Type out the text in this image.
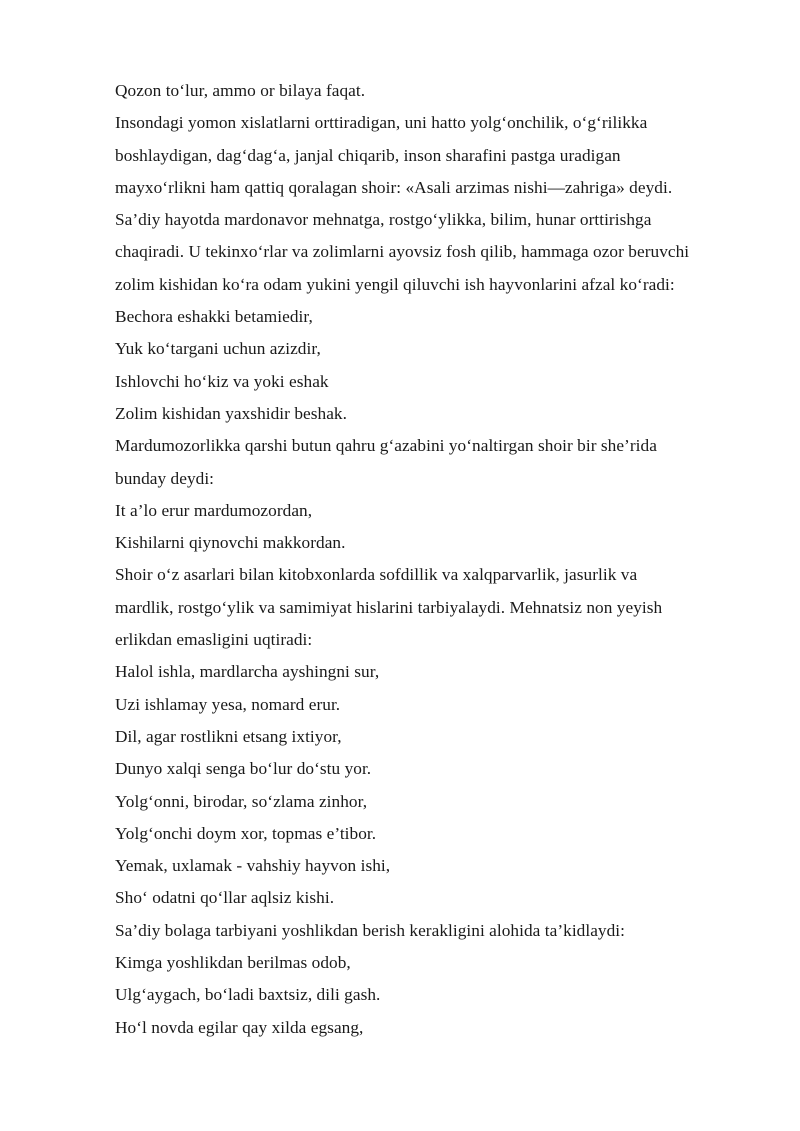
Qozon to‘lur, ammo or bilaya faqat.
Insondagi yomon xislatlarni orttiradigan, uni hatto yolg‘onchilik, o‘g‘rilikka
boshlaydigan, dag‘dag‘a, janjal chiqarib, inson sharafini pastga uradigan
mayxo‘rlikni ham qattiq qoralagan shoir: «Asali arzimas nishi—zahriga» deydi.
Sa’diy hayotda mardonavor mehnatga, rostgo‘ylikka, bilim, hunar orttirishga
chaqiradi. U tekinxo‘rlar va zolimlarni ayovsiz fosh qilib, hammaga ozor beruvchi
zolim kishidan ko‘ra odam yukini yengil qiluvchi ish hayvonlarini afzal ko‘radi:
Bechora eshakki betamiedir,
Yuk ko‘targani uchun azizdir,
Ishlovchi ho‘kiz va yoki eshak
Zolim kishidan yaxshidir beshak.
Mardumozorlikka qarshi butun qahru g‘azabini yo‘naltirgan shoir bir she’rida
bunday deydi:
It a’lo erur mardumozordan,
Kishilarni qiynovchi makkordan.
Shoir o‘z asarlari bilan kitobxonlarda sofdillik va xalqparvarlik, jasurlik va
mardlik, rostgo‘ylik va samimiyat hislarini tarbiyalaydi. Mehnatsiz non yeyish
erlikdan emasligini uqtiradi:
Halol ishla, mardlarcha ayshingni sur,
Uzi ishlamay yesa, nomard erur.
Dil, agar rostlikni etsang ixtiyor,
Dunyo xalqi senga bo‘lur do‘stu yor.
Yolg‘onni, birodar, so‘zlama zinhor,
Yolg‘onchi doym xor, topmas e’tibor.
Yemak, uxlamak - vahshiy hayvon ishi,
Sho‘ odatni qo‘llar aqlsiz kishi.
Sa’diy bolaga tarbiyani yoshlikdan berish kerakligini alohida ta’kidlaydi:
Kimga yoshlikdan berilmas odob,
Ulg‘aygach, bo‘ladi baxtsiz, dili gash.
Ho‘l novda egilar qay xilda egsang,
